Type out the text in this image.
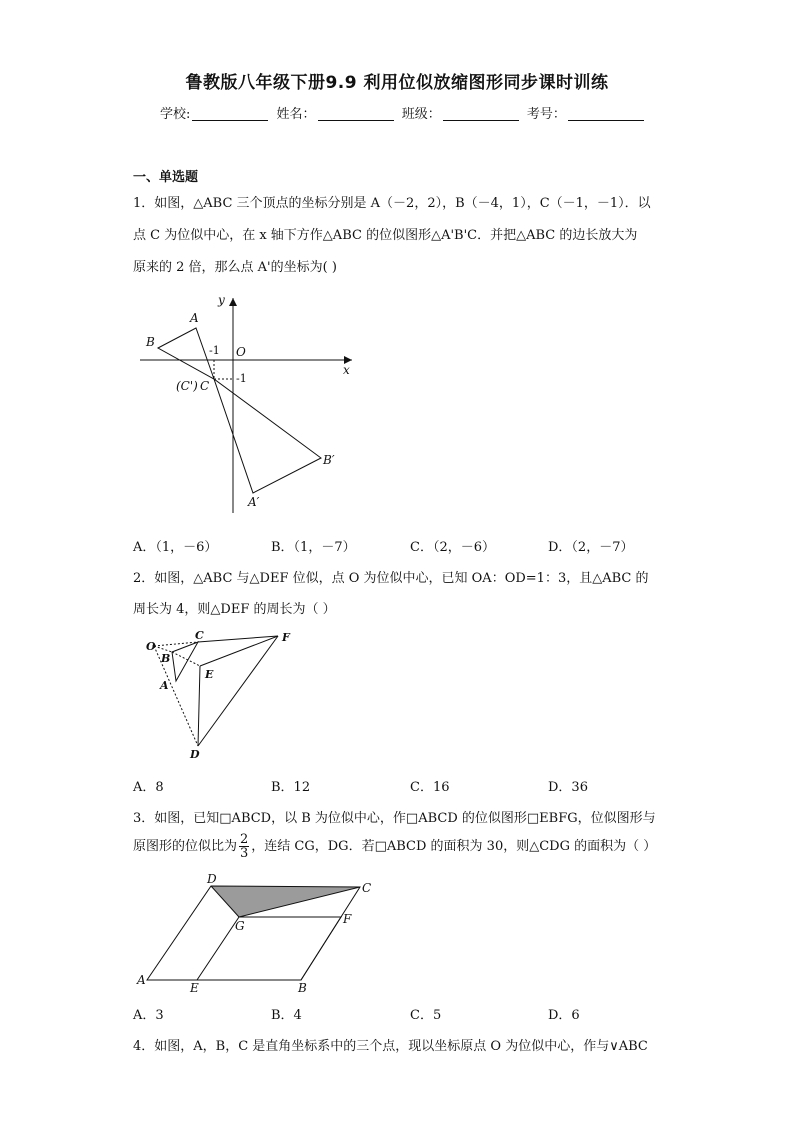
鲁教版八年级下册9.9 利用位似放缩图形同步课时训练
学校:	姓名：	班级：	考号：
一、单选题
1．如图，△ABC 三个顶点的坐标分别是 A（－2，2），B（－4，1），C（－1，－1）．以
点 C 为位似中心，在 x 轴下方作△ABC 的位似图形△A'B'C．并把△ABC 的边长放大为
原来的 2 倍，那么点 A'的坐标为( )
y
x
O
A
B
(C') C
A′
B′
-1
-1
A．（1，－6）	B．（1，－7）	C．（2，－6）	D．（2，－7）
2．如图，△ABC 与△DEF 位似，点 O 为位似中心，已知 OA：OD=1：3，且△ABC 的
周长为 4，则△DEF 的周长为（ ）
O
B
C
A
E
F
D
A．8	B．12	C．16	D．36
3．如图，已知□ABCD，以 B 为位似中心，作□ABCD 的位似图形□EBFG，位似图形与
原图形的位似比为 $\frac{2}{3}$ ，连结 CG，DG．若□ABCD 的面积为 30，则△CDG 的面积为（ ）
D
C
G	F
A
E	B
A．3	B．4	C．5	D．6
4．如图，A，B，C 是直角坐标系中的三个点，现以坐标原点 O 为位似中心，作与∨ABC
